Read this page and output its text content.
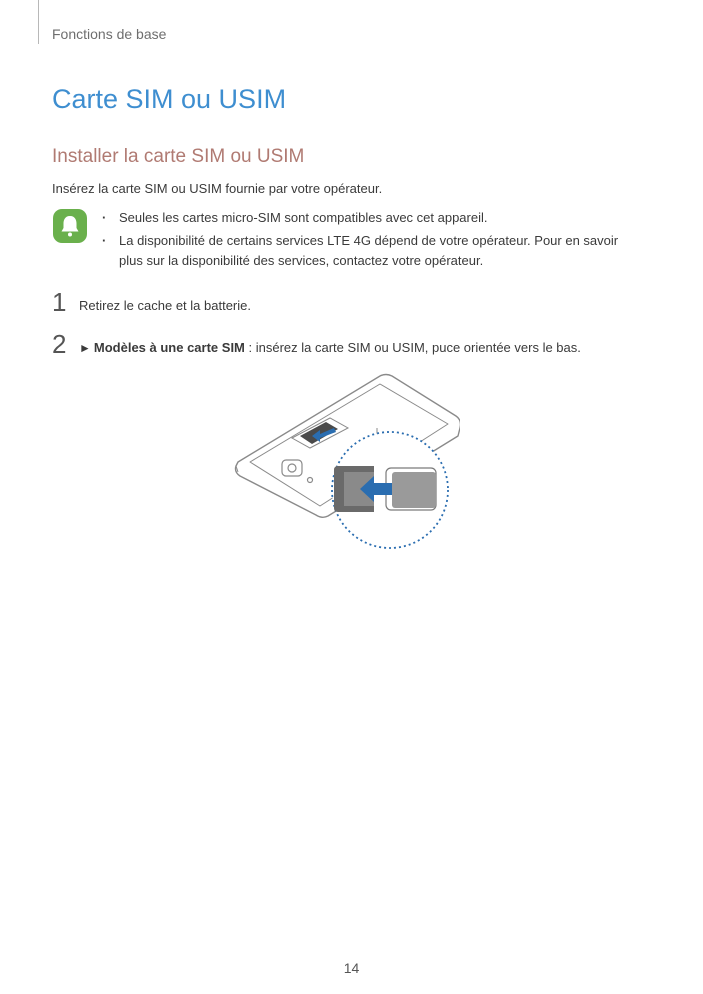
Fonctions de base
Carte SIM ou USIM
Installer la carte SIM ou USIM
Insérez la carte SIM ou USIM fournie par votre opérateur.
· Seules les cartes micro-SIM sont compatibles avec cet appareil.
· La disponibilité de certains services LTE 4G dépend de votre opérateur. Pour en savoir plus sur la disponibilité des services, contactez votre opérateur.
1 Retirez le cache et la batterie.
2 ► Modèles à une carte SIM : insérez la carte SIM ou USIM, puce orientée vers le bas.
14
